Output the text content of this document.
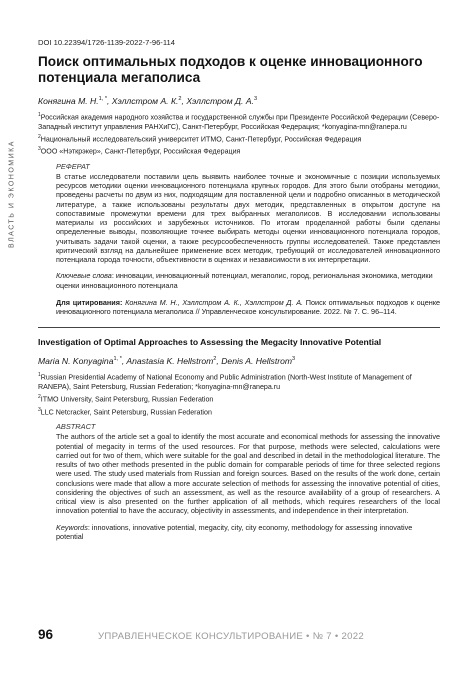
ВЛАСТЬ И ЭКОНОМИКА
DOI 10.22394/1726-1139-2022-7-96-114
Поиск оптимальных подходов к оценке инновационного потенциала мегаполиса
Конягина М. Н.$^{1, *}$, Хэллстром А. К.$^2$, Хэллстром Д. А.$^3$
$^1$Российская академия народного хозяйства и государственной службы при Президенте Российской Федерации (Северо-Западный институт управления РАНХиГС), Санкт-Петербург, Российская Федерация; *konyagina-mn@ranepa.ru
$^2$Национальный исследовательский университет ИТМО, Санкт-Петербург, Российская Федерация
$^3$ООО «Нэткрэкер», Санкт-Петербург, Российская Федерация
РЕФЕРАТ
В статье исследователи поставили цель выявить наиболее точные и экономичные с позиции используемых ресурсов методики оценки инновационного потенциала крупных городов. Для этого были отобраны методики, проведены расчеты по двум из них, подходящим для поставленной цели и подробно описанных в методической литературе, а также использованы результаты двух методик, представленных в открытом доступе на сопоставимые промежутки времени для трех выбранных мегаполисов. В исследовании использованы материалы из российских и зарубежных источников. По итогам проделанной работы были сделаны определенные выводы, позволяющие точнее выбирать методы оценки инновационного потенциала городов, учитывать задачи такой оценки, а также ресурсообеспеченность группы исследователей. Также представлен критический взгляд на дальнейшее применение всех методик, требующий от исследователей инновационного потенциала города точности, объективности в оценках и независимости в их интерпретации.
Ключевые слова: инновации, инновационный потенциал, мегаполис, город, региональная экономика, методики оценки инновационного потенциала
Для цитирования: Конягина М. Н., Хэллстром А. К., Хэллстром Д. А. Поиск оптимальных подходов к оценке инновационного потенциала мегаполиса // Управленческое консультирование. 2022. № 7. С. 96–114.
Investigation of Optimal Approaches to Assessing the Megacity Innovative Potential
Maria N. Konyagina$^{1, *}$, Anastasia K. Hellstrom$^2$, Denis A. Hellstrom$^3$
$^1$Russian Presidential Academy of National Economy and Public Administration (North-West Institute of Management of RANEPA), Saint Petersburg, Russian Federation; *konyagina-mn@ranepa.ru
$^2$ITMO University, Saint Petersburg, Russian Federation
$^3$LLC Netcracker, Saint Petersburg, Russian Federation
ABSTRACT
The authors of the article set a goal to identify the most accurate and economical methods for assessing the innovative potential of megacity in terms of the used resources. For that purpose, methods were selected, calculations were carried out for two of them, which were suitable for the goal and described in detail in the methodological literature. The results of two other methods presented in the public domain for comparable periods of time for three selected regions were used. The study used materials from Russian and foreign sources. Based on the results of the work done, certain conclusions were made that allow a more accurate selection of methods for assessing the innovative potential of cities, considering the objectives of such an assessment, as well as the resource availability of a group of researchers. A critical view is also presented on the further application of all methods, which requires researchers of the local innovation potential to have the accuracy, objectivity in assessments, and independence in their interpretation.
Keywords: innovations, innovative potential, megacity, city, city economy, methodology for assessing innovative potential
96	УПРАВЛЕНЧЕСКОЕ КОНСУЛЬТИРОВАНИЕ • № 7 • 2022
